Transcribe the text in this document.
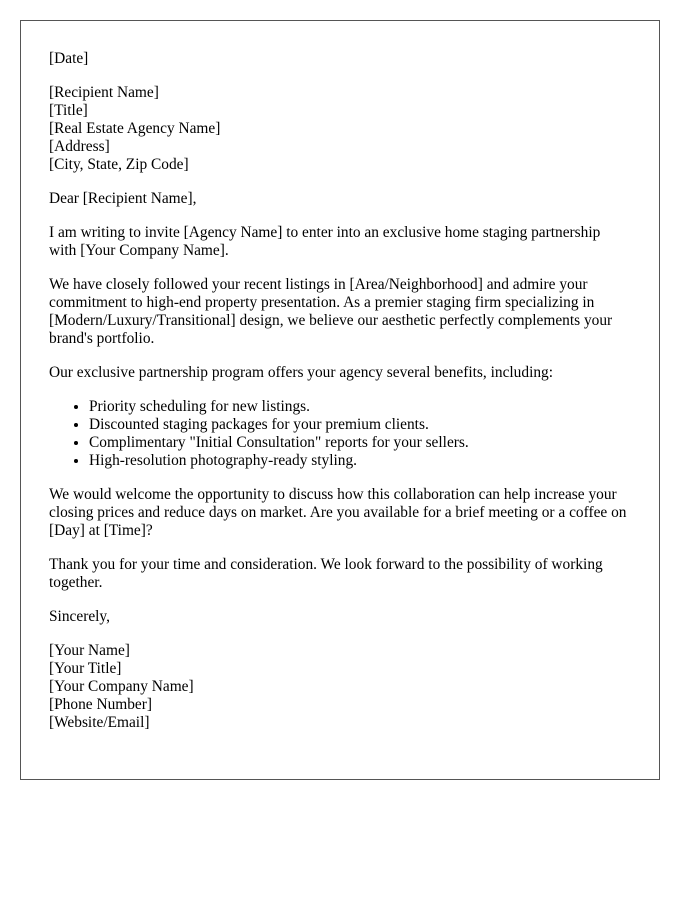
[Date]

[Recipient Name]
[Title]
[Real Estate Agency Name]
[Address]
[City, State, Zip Code]

Dear [Recipient Name],

I am writing to invite [Agency Name] to enter into an exclusive home staging partnership with [Your Company Name].

We have closely followed your recent listings in [Area/Neighborhood] and admire your commitment to high-end property presentation. As a premier staging firm specializing in [Modern/Luxury/Transitional] design, we believe our aesthetic perfectly complements your brand's portfolio.

Our exclusive partnership program offers your agency several benefits, including:

• Priority scheduling for new listings.
• Discounted staging packages for your premium clients.
• Complimentary "Initial Consultation" reports for your sellers.
• High-resolution photography-ready styling.

We would welcome the opportunity to discuss how this collaboration can help increase your closing prices and reduce days on market. Are you available for a brief meeting or a coffee on [Day] at [Time]?

Thank you for your time and consideration. We look forward to the possibility of working together.

Sincerely,

[Your Name]
[Your Title]
[Your Company Name]
[Phone Number]
[Website/Email]
